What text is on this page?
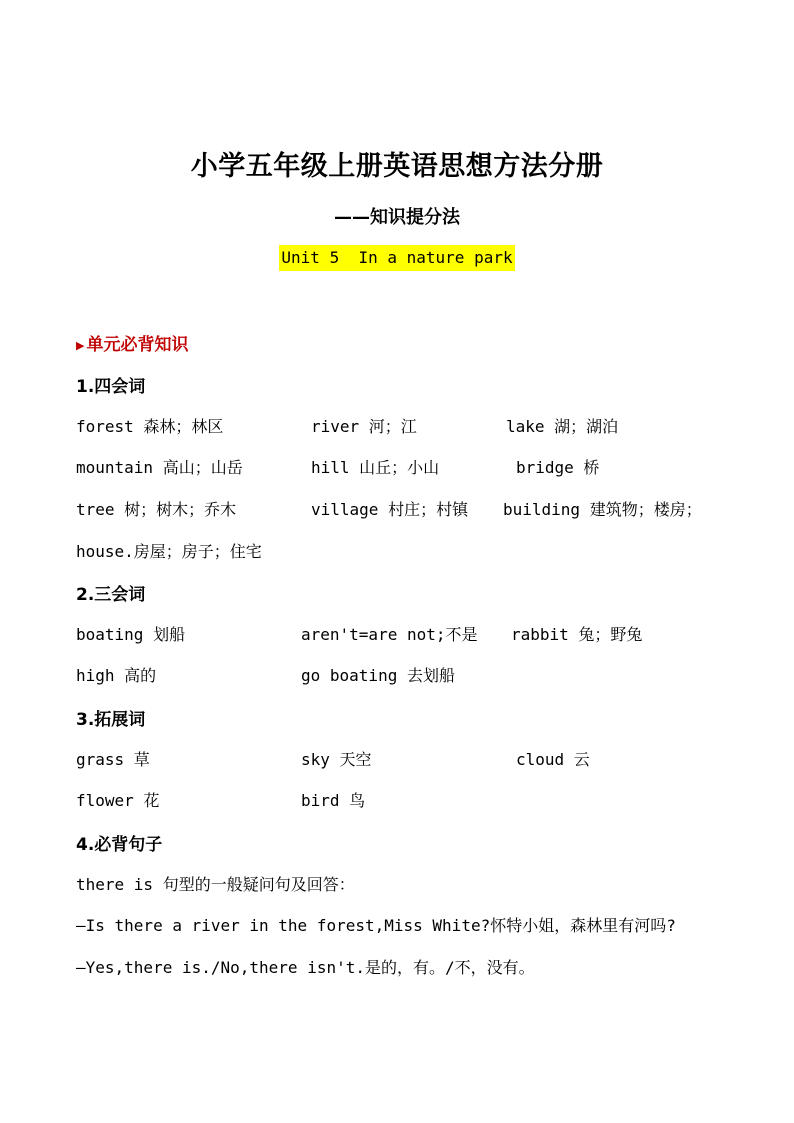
小学五年级上册英语思想方法分册
——知识提分法
Unit 5  In a nature park
▶ 单元必背知识
1.四会词
forest 森林；林区	river 河；江	lake 湖；湖泊
mountain 高山；山岳	hill 山丘；小山	bridge 桥
tree 树；树木；乔木	village 村庄；村镇 building 建筑物；楼房；
house.房屋；房子；住宅
2.三会词
boating 划船	aren't=are not;不是 rabbit 兔；野兔
high 高的	go boating 去划船
3.拓展词
grass 草	sky 天空	cloud 云
flower 花	bird 鸟
4.必背句子
there is 句型的一般疑问句及回答：
—Is there a river in the forest,Miss White?怀特小姐，森林里有河吗?
—Yes,there is./No,there isn't.是的，有。/不，没有。
